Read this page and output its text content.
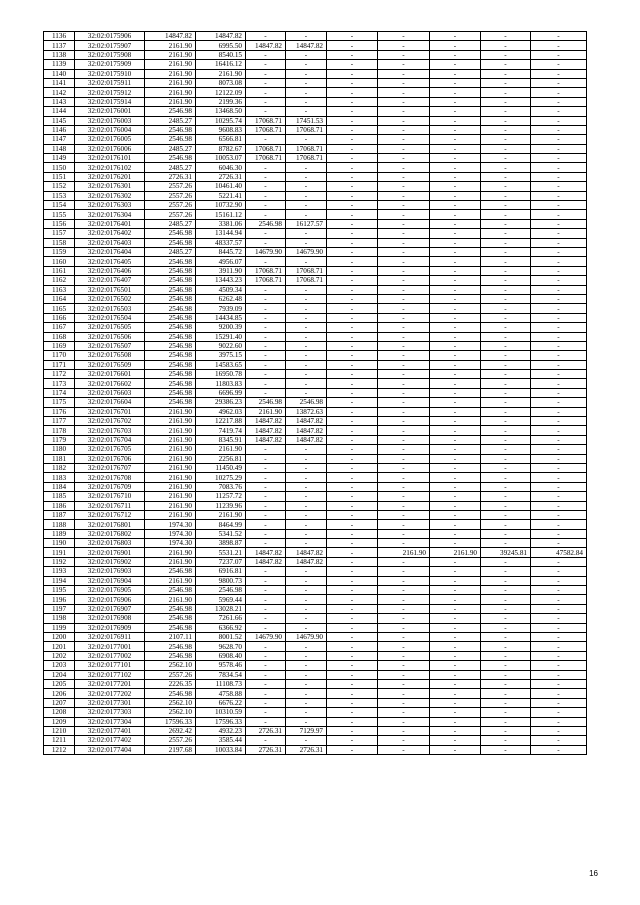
1136	32:02:0175906	14847.82	14847.82	-	-	-	-	-	-	-
1137	32:02:0175907	2161.90	6995.50	14847.82	14847.82	-	-	-	-	-
1138	32:02:0175908	2161.90	8540.15	-	-	-	-	-	-	-
1139	32:02:0175909	2161.90	16416.12	-	-	-	-	-	-	-
1140	32:02:0175910	2161.90	2161.90	-	-	-	-	-	-	-
1141	32:02:0175911	2161.90	8073.08	-	-	-	-	-	-	-
1142	32:02:0175912	2161.90	12122.09	-	-	-	-	-	-	-
1143	32:02:0175914	2161.90	2199.36	-	-	-	-	-	-	-
1144	32:02:0176001	2546.98	13468.50	-	-	-	-	-	-	-
1145	32:02:0176003	2485.27	10295.74	17068.71	17451.53	-	-	-	-	-
1146	32:02:0176004	2546.98	9608.83	17068.71	17068.71	-	-	-	-	-
1147	32:02:0176005	2546.98	6566.81	-	-	-	-	-	-	-
1148	32:02:0176006	2485.27	8782.67	17068.71	17068.71	-	-	-	-	-
1149	32:02:0176101	2546.98	10053.07	17068.71	17068.71	-	-	-	-	-
1150	32:02:0176102	2485.27	6046.30	-	-	-	-	-	-	-
1151	32:02:0176201	2726.31	2726.31	-	-	-	-	-	-	-
1152	32:02:0176301	2557.26	10461.40	-	-	-	-	-	-	-
1153	32:02:0176302	2557.26	5221.41	-	-	-	-	-	-	-
1154	32:02:0176303	2557.26	10732.90	-	-	-	-	-	-	-
1155	32:02:0176304	2557.26	15161.12	-	-	-	-	-	-	-
1156	32:02:0176401	2485.27	3381.06	2546.98	16127.57	-	-	-	-	-
1157	32:02:0176402	2546.98	13144.94	-	-	-	-	-	-	-
1158	32:02:0176403	2546.98	48337.57	-	-	-	-	-	-	-
1159	32:02:0176404	2485.27	8445.72	14679.90	14679.90	-	-	-	-	-
1160	32:02:0176405	2546.98	4956.07	-	-	-	-	-	-	-
1161	32:02:0176406	2546.98	3911.90	17068.71	17068.71	-	-	-	-	-
1162	32:02:0176407	2546.98	13443.23	17068.71	17068.71	-	-	-	-	-
1163	32:02:0176501	2546.98	4509.34	-	-	-	-	-	-	-
1164	32:02:0176502	2546.98	6262.48	-	-	-	-	-	-	-
1165	32:02:0176503	2546.98	7939.09	-	-	-	-	-	-	-
1166	32:02:0176504	2546.98	14434.85	-	-	-	-	-	-	-
1167	32:02:0176505	2546.98	9200.39	-	-	-	-	-	-	-
1168	32:02:0176506	2546.98	15291.40	-	-	-	-	-	-	-
1169	32:02:0176507	2546.98	9022.60	-	-	-	-	-	-	-
1170	32:02:0176508	2546.98	3975.15	-	-	-	-	-	-	-
1171	32:02:0176509	2546.98	14583.65	-	-	-	-	-	-	-
1172	32:02:0176601	2546.98	16950.78	-	-	-	-	-	-	-
1173	32:02:0176602	2546.98	11803.83	-	-	-	-	-	-	-
1174	32:02:0176603	2546.98	6696.99	-	-	-	-	-	-	-
1175	32:02:0176604	2546.98	29386.23	2546.98	2546.98	-	-	-	-	-
1176	32:02:0176701	2161.90	4962.03	2161.90	13872.63	-	-	-	-	-
1177	32:02:0176702	2161.90	12217.88	14847.82	14847.82	-	-	-	-	-
1178	32:02:0176703	2161.90	7419.74	14847.82	14847.82	-	-	-	-	-
1179	32:02:0176704	2161.90	8345.91	14847.82	14847.82	-	-	-	-	-
1180	32:02:0176705	2161.90	2161.90	-	-	-	-	-	-	-
1181	32:02:0176706	2161.90	2256.81	-	-	-	-	-	-	-
1182	32:02:0176707	2161.90	11450.49	-	-	-	-	-	-	-
1183	32:02:0176708	2161.90	10275.29	-	-	-	-	-	-	-
1184	32:02:0176709	2161.90	7083.76	-	-	-	-	-	-	-
1185	32:02:0176710	2161.90	11257.72	-	-	-	-	-	-	-
1186	32:02:0176711	2161.90	11239.96	-	-	-	-	-	-	-
1187	32:02:0176712	2161.90	2161.90	-	-	-	-	-	-	-
1188	32:02:0176801	1974.30	8464.99	-	-	-	-	-	-	-
1189	32:02:0176802	1974.30	5341.52	-	-	-	-	-	-	-
1190	32:02:0176803	1974.30	3898.87	-	-	-	-	-	-	-
1191	32:02:0176901	2161.90	5531.21	14847.82	14847.82	-	2161.90	2161.90	39245.81	47582.84
1192	32:02:0176902	2161.90	7237.07	14847.82	14847.82	-	-	-	-	-
1193	32:02:0176903	2546.98	6916.81	-	-	-	-	-	-	-
1194	32:02:0176904	2161.90	9800.73	-	-	-	-	-	-	-
1195	32:02:0176905	2546.98	2546.98	-	-	-	-	-	-	-
1196	32:02:0176906	2161.90	5969.44	-	-	-	-	-	-	-
1197	32:02:0176907	2546.98	13028.21	-	-	-	-	-	-	-
1198	32:02:0176908	2546.98	7261.66	-	-	-	-	-	-	-
1199	32:02:0176909	2546.98	6366.92	-	-	-	-	-	-	-
1200	32:02:0176911	2107.11	8001.52	14679.90	14679.90	-	-	-	-	-
1201	32:02:0177001	2546.98	9628.70	-	-	-	-	-	-	-
1202	32:02:0177002	2546.98	6908.40	-	-	-	-	-	-	-
1203	32:02:0177101	2562.10	9578.46	-	-	-	-	-	-	-
1204	32:02:0177102	2557.26	7834.54	-	-	-	-	-	-	-
1205	32:02:0177201	2226.35	11108.73	-	-	-	-	-	-	-
1206	32:02:0177202	2546.98	4758.88	-	-	-	-	-	-	-
1207	32:02:0177301	2562.10	6676.22	-	-	-	-	-	-	-
1208	32:02:0177303	2562.10	10310.59	-	-	-	-	-	-	-
1209	32:02:0177304	17596.33	17596.33	-	-	-	-	-	-	-
1210	32:02:0177401	2692.42	4932.23	2726.31	7129.97	-	-	-	-	-
1211	32:02:0177402	2557.26	3585.44	-	-	-	-	-	-	-
1212	32:02:0177404	2197.68	10033.84	2726.31	2726.31	-	-	-	-	-
16
